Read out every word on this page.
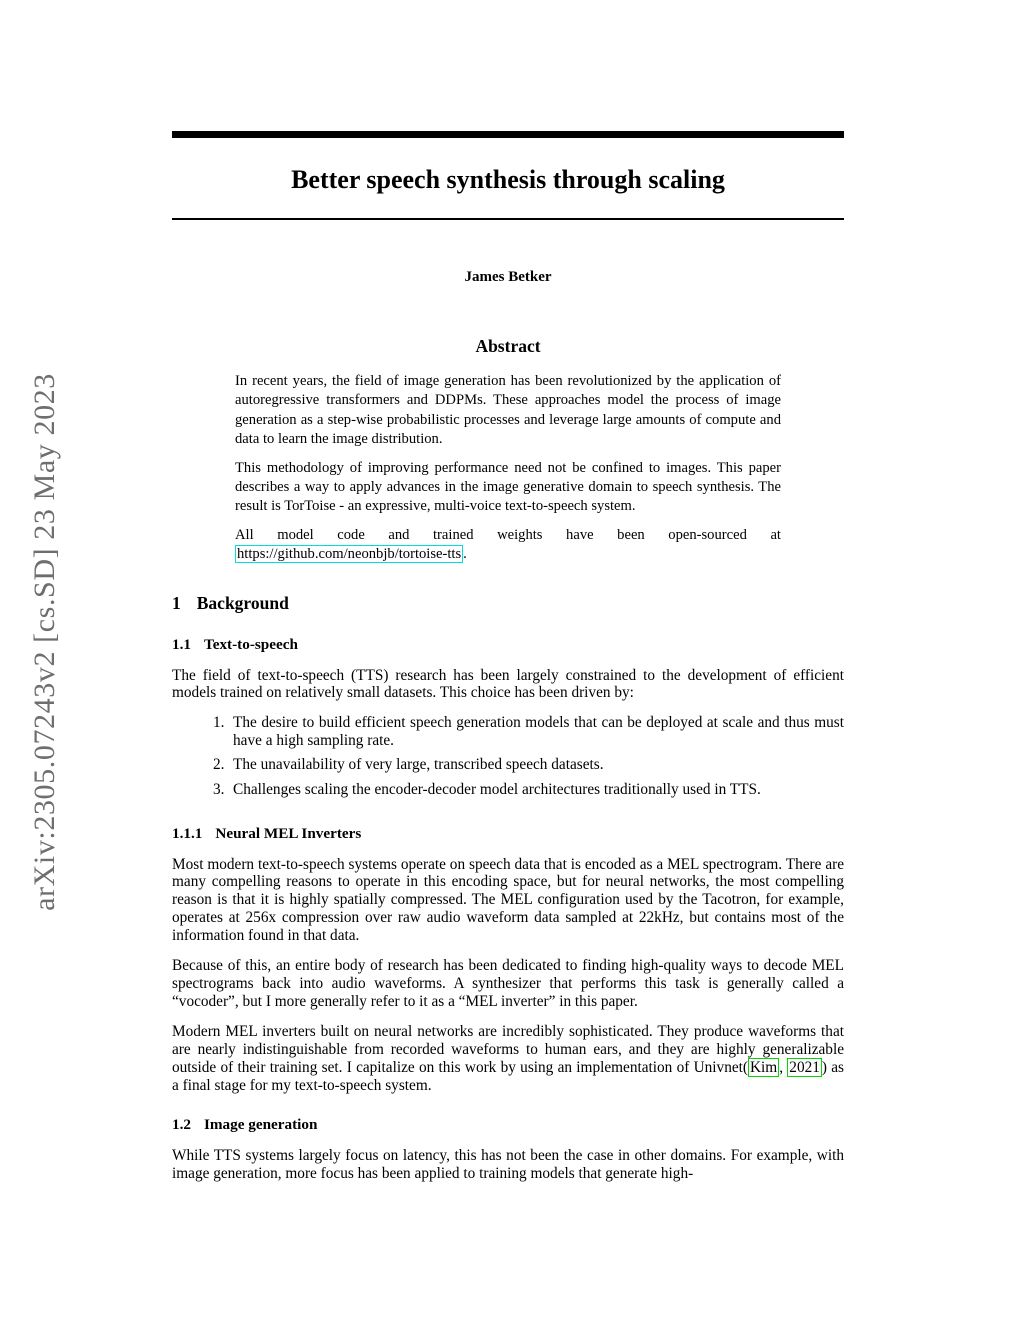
arXiv:2305.07243v2 [cs.SD] 23 May 2023
Better speech synthesis through scaling
James Betker
Abstract

In recent years, the field of image generation has been revolutionized by the application of autoregressive transformers and DDPMs. These approaches model the process of image generation as a step-wise probabilistic processes and leverage large amounts of compute and data to learn the image distribution.

This methodology of improving performance need not be confined to images. This paper describes a way to apply advances in the image generative domain to speech synthesis. The result is TorToise - an expressive, multi-voice text-to-speech system.

All model code and trained weights have been open-sourced at
https://github.com/neonbjb/tortoise-tts .

1 Background
1.1 Text-to-speech

The field of text-to-speech (TTS) research has been largely constrained to the development of efficient models trained on relatively small datasets. This choice has been driven by:

1. The desire to build efficient speech generation models that can be deployed at scale and thus must have a high sampling rate.
2. The unavailability of very large, transcribed speech datasets.
3. Challenges scaling the encoder-decoder model architectures traditionally used in TTS.
1.1.1 Neural MEL Inverters

Most modern text-to-speech systems operate on speech data that is encoded as a MEL spectrogram. There are many compelling reasons to operate in this encoding space, but for neural networks, the most compelling reason is that it is highly spatially compressed. The MEL configuration used by the Tacotron, for example, operates at 256x compression over raw audio waveform data sampled at 22kHz, but contains most of the information found in that data.

Because of this, an entire body of research has been dedicated to finding high-quality ways to decode MEL spectrograms back into audio waveforms. A synthesizer that performs this task is generally called a “vocoder”, but I more generally refer to it as a “MEL inverter” in this paper.

Modern MEL inverters built on neural networks are incredibly sophisticated. They produce waveforms that are nearly indistinguishable from recorded waveforms to human ears, and they are highly generalizable outside of their training set. I capitalize on this work by using an implementation of Univnet( Kim , 2021 ) as a final stage for my text-to-speech system.

1.2 Image generation

While TTS systems largely focus on latency, this has not been the case in other domains. For example, with image generation, more focus has been applied to training models that generate high-
